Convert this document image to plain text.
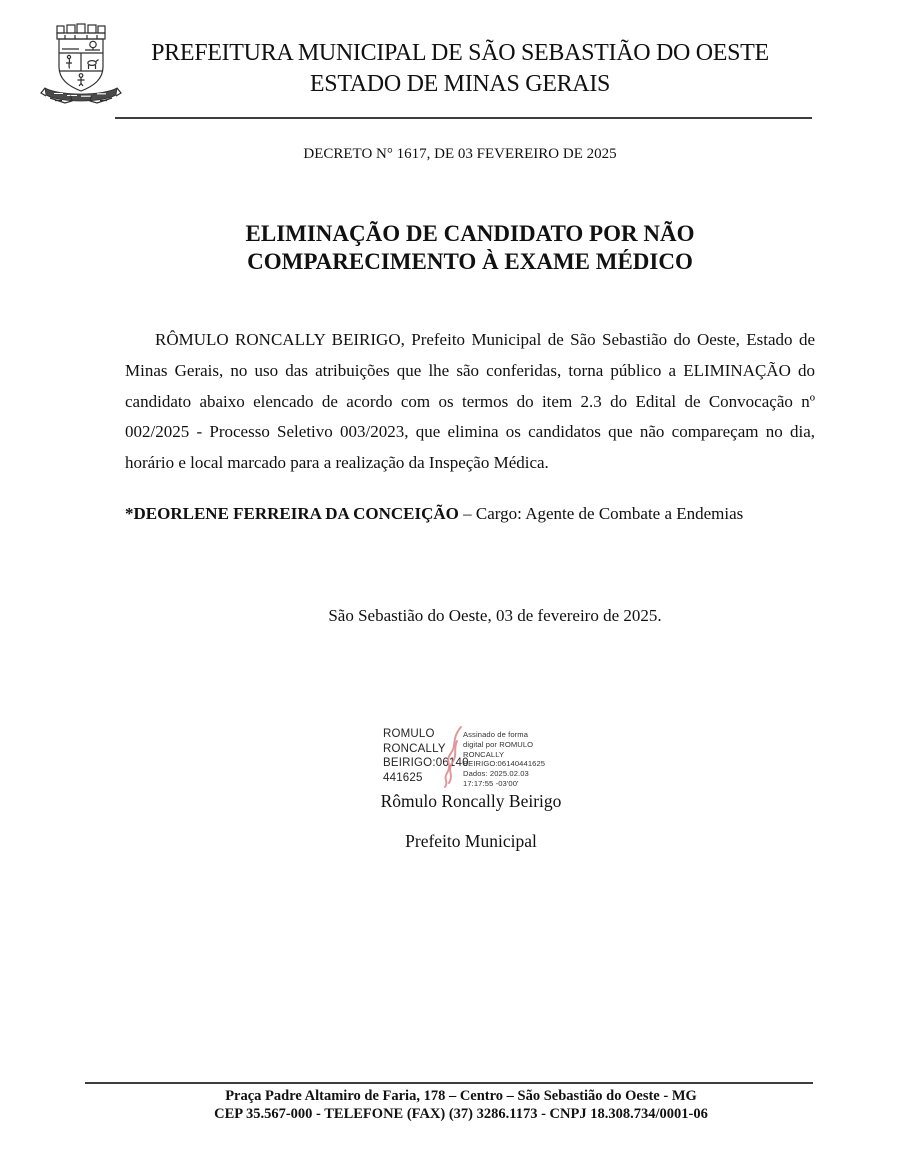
PREFEITURA MUNICIPAL DE SÃO SEBASTIÃO DO OESTE
ESTADO DE MINAS GERAIS
DECRETO N° 1617, DE 03 FEVEREIRO DE 2025
ELIMINAÇÃO DE CANDIDATO POR NÃO
COMPARECIMENTO À EXAME MÉDICO

RÔMULO RONCALLY BEIRIGO, Prefeito Municipal de São Sebastião do Oeste, Estado de Minas Gerais, no uso das atribuições que lhe são conferidas, torna público a ELIMINAÇÃO do candidato abaixo elencado de acordo com os termos do item 2.3 do Edital de Convocação nº 002/2025 - Processo Seletivo 003/2023, que elimina os candidatos que não compareçam no dia, horário e local marcado para a realização da Inspeção Médica.

*DEORLENE FERREIRA DA CONCEIÇÃO – Cargo: Agente de Combate a Endemias

São Sebastião do Oeste, 03 de fevereiro de 2025.
ROMULO
RONCALLY
BEIRIGO:06140
441625
Assinado de forma
digital por ROMULO
RONCALLY
BEIRIGO:06140441625
Dados: 2025.02.03
17:17:55 -03'00'
Rômulo Roncally Beirigo
Prefeito Municipal
Praça Padre Altamiro de Faria, 178 – Centro – São Sebastião do Oeste - MG
CEP 35.567-000 - TELEFONE (FAX) (37) 3286.1173 - CNPJ 18.308.734/0001-06
